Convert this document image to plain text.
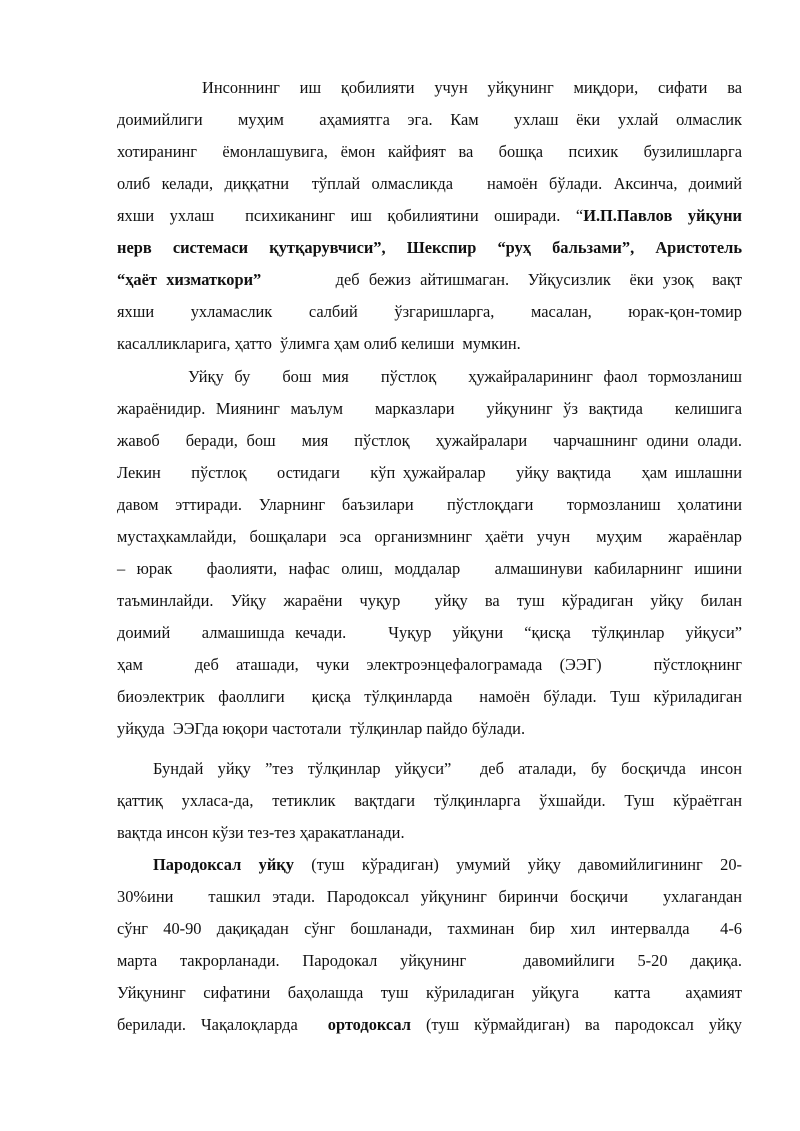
Инсоннинг  иш  қобилияти  учун  уйқунинг  миқдори,  сифати  ва
доимийлиги    муҳим    аҳамиятга  эга.  Кам    ухлаш  ёки  ухлай  олмаслик
хотиранинг  ёмонлашувига, ёмон кайфият ва  бошқа  психик  бузилишларга
олиб келади, диққатни  тўплай олмасликда   намоён бўлади. Аксинча, доимий
яхши ухлаш  психиканинг иш қобилиятини оширади. “И.П.Павлов уйқуни
нерв системаси қутқарувчиси”, Шекспир “руҳ бальзами”, Аристотель
“ҳаёт хизматкори”        деб бежиз айтишмаган.  Уйқусизлик  ёки узоқ  вақт
яхши        ухламаслик        салбий        ўзгаришларга,        масалан,        юрак-қон-томир
касалликларига, ҳатто  ўлимга ҳам олиб келиши  мумкин.
Уйқу бу   бош мия   пўстлоқ   ҳужайраларининг фаол тормозланиш
жараёнидир. Миянинг маълум   марказлари   уйқунинг ўз вақтида   келишига
жавоб   беради, бош   мия   пўстлоқ   ҳужайралари   чарчашнинг одини олади.
Лекин    пўстлоқ    остидаги    кўп ҳужайралар    уйқу вақтида    ҳам ишлашни
давом  эттиради.  Уларнинг  баъзилари    пўстлоқдаги    тормозланиш  ҳолатини
мустаҳкамлайди, бошқалари эса организмнинг ҳаёти учун  муҳим  жараёнлар
– юрак   фаолияти, нафас олиш, моддалар   алмашинуви кабиларнинг ишини
таъминлайди.  Уйқу  жараёни  чуқур    уйқу  ва  туш  кўрадиган  уйқу  билан
доимий   алмашишда кечади.    Чуқур  уйқуни  “қисқа  тўлқинлар  уйқуси”
ҳам      деб  аташади,  чуки  электроэнцефалограмада  (ЭЭГ)      пўстлоқнинг
биоэлектрик фаоллиги  қисқа тўлқинларда  намоён бўлади. Туш кўриладиган
уйқуда  ЭЭГда юқори частотали  тўлқинлар пайдо бўлади.
Бундай  уйқу  ”тез  тўлқинлар  уйқуси”    деб  аталади,  бу  босқичда  инсон
қаттиқ  ухласа-да,  тетиклик  вақтдаги  тўлқинларга  ўхшайди.  Туш  кўраётган
вақтда инсон кўзи тез-тез ҳаракатланади.
Пародоксал уйқу (туш кўрадиган) умумий уйқу давомийлигининг 20-
30%ини   ташкил этади. Пародоксал уйқунинг биринчи босқичи   ухлагандан
сўнг  40-90  дақиқадан  сўнг  бошланади,  тахминан  бир  хил  интервалда    4-6
марта  такрорланади.  Пародокал  уйқунинг     давомийлиги  5-20  дақиқа.
Уйқунинг  сифатини  баҳолашда  туш  кўриладиган  уйқуга    катта    аҳамият
берилади. Чақалоқларда  ортодоксал (туш кўрмайдиган) ва пародоксал уйқу
